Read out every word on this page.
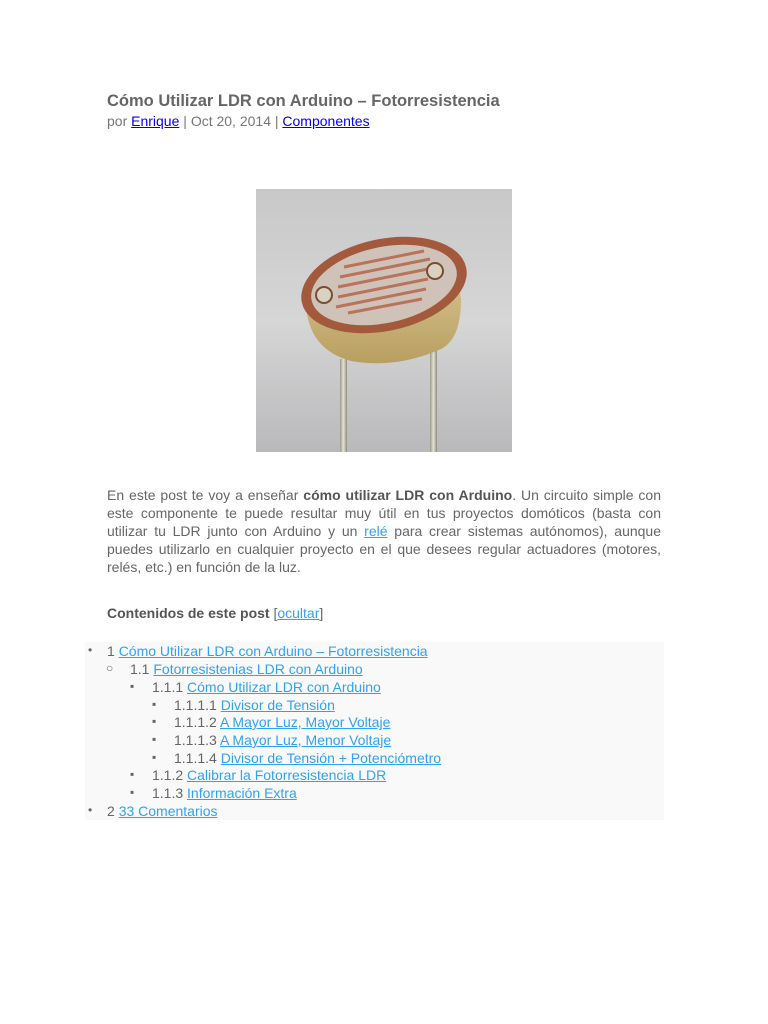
Cómo Utilizar LDR con Arduino – Fotorresistencia
por Enrique | Oct 20, 2014 | Componentes

En este post te voy a enseñar cómo utilizar LDR con Arduino. Un circuito simple con este componente te puede resultar muy útil en tus proyectos domóticos (basta con utilizar tu LDR junto con Arduino y un relé para crear sistemas autónomos), aunque puedes utilizarlo en cualquier proyecto en el que desees regular actuadores (motores, relés, etc.) en función de la luz.

Contenidos de este post [ocultar]
• 1 Cómo Utilizar LDR con Arduino – Fotorresistencia
○ 1.1 Fotorresistenias LDR con Arduino
▪ 1.1.1 Cómo Utilizar LDR con Arduino
▪ 1.1.1.1 Divisor de Tensión
▪ 1.1.1.2 A Mayor Luz, Mayor Voltaje
▪ 1.1.1.3 A Mayor Luz, Menor Voltaje
▪ 1.1.1.4 Divisor de Tensión + Potenciómetro
▪ 1.1.2 Calibrar la Fotorresistencia LDR
▪ 1.1.3 Información Extra
• 2 33 Comentarios
